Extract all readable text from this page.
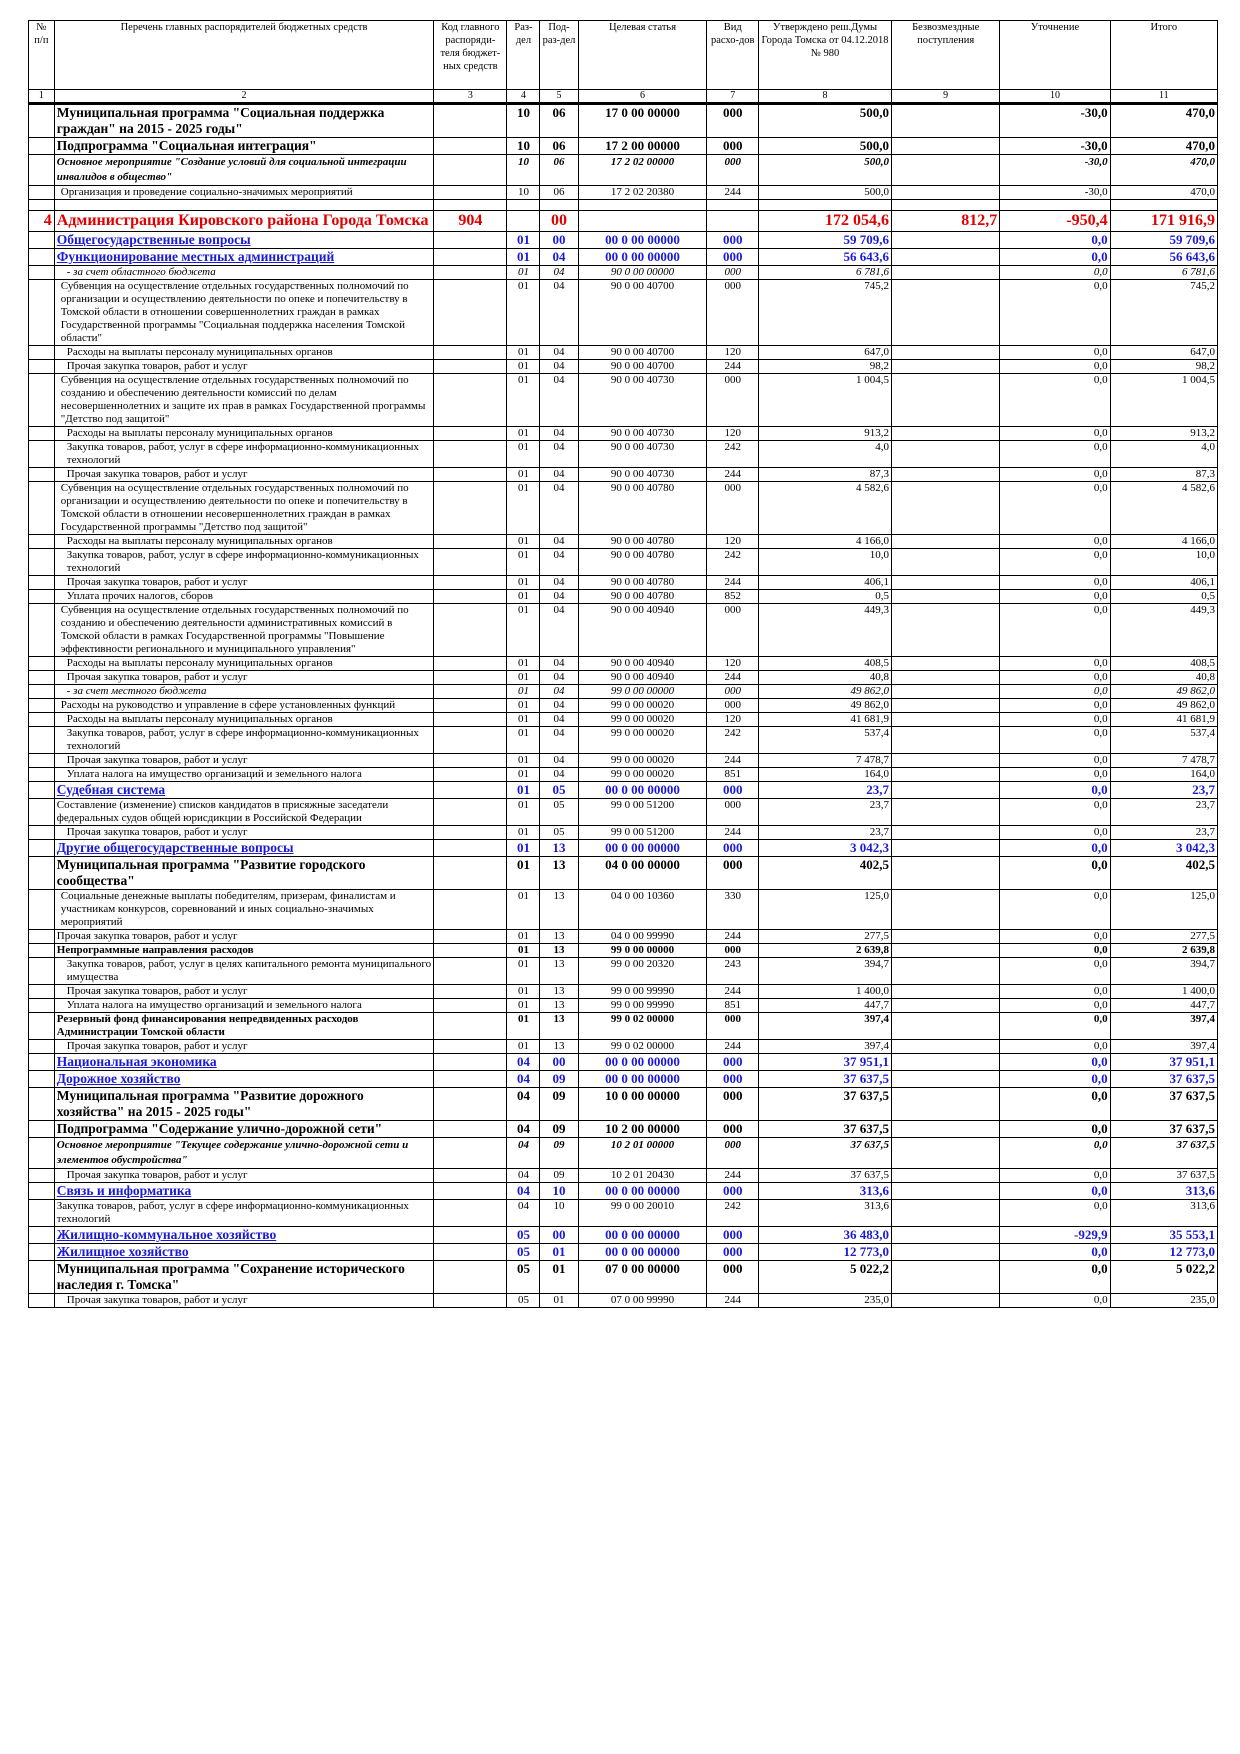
№ п/п	Перечень главных распорядителей бюджетных средств	Код главного распоряди-теля бюджет-ных средств	Раз-дел	Под-раз-дел	Целевая статья	Вид расхо-дов	Утверждено реш.Думы Города Томска от 04.12.2018 № 980	Безвозмездные поступления	Уточнение	Итого
1	2	3	4	5	6	7	8	9	10	11
	Муниципальная программа "Социальная поддержка граждан" на 2015 - 2025 годы"		10	06	17 0 00 00000	000	500,0		-30,0	470,0
	Подпрограмма "Социальная интеграция"		10	06	17 2 00 00000	000	500,0		-30,0	470,0
	Основное мероприятие "Создание условий для социальной интеграции инвалидов в общество"		10	06	17 2 02 00000	000	500,0		-30,0	470,0
	Организация и проведение социально-значимых мероприятий		10	06	17 2 02 20380	244	500,0		-30,0	470,0

4	Администрация Кировского района Города Томска	904		00			172 054,6	812,7	-950,4	171 916,9
	Общегосударственные вопросы		01	00	00 0 00 00000	000	59 709,6		0,0	59 709,6
	Функционирование местных администраций		01	04	00 0 00 00000	000	56 643,6		0,0	56 643,6
	- за счет областного бюджета		01	04	90 0 00 00000	000	6 781,6		0,0	6 781,6
	Субвенция на осуществление отдельных государственных полномочий по организации и осуществлению деятельности по опеке и попечительству в Томской области в отношении совершеннолетних граждан в рамках Государственной программы "Социальная поддержка населения Томской области"		01	04	90 0 00 40700	000	745,2		0,0	745,2
	Расходы на выплаты персоналу муниципальных органов		01	04	90 0 00 40700	120	647,0		0,0	647,0
	Прочая закупка товаров, работ и услуг		01	04	90 0 00 40700	244	98,2		0,0	98,2
	Субвенция на осуществление отдельных государственных полномочий по созданию и обеспечению деятельности комиссий по делам несовершеннолетних и защите их прав в рамках Государственной программы "Детство под защитой"		01	04	90 0 00 40730	000	1 004,5		0,0	1 004,5
	Расходы на выплаты персоналу муниципальных органов		01	04	90 0 00 40730	120	913,2		0,0	913,2
	Закупка товаров, работ, услуг в сфере информационно-коммуникационных технологий		01	04	90 0 00 40730	242	4,0		0,0	4,0
	Прочая закупка товаров, работ и услуг		01	04	90 0 00 40730	244	87,3		0,0	87,3
	Субвенция на осуществление отдельных государственных полномочий по организации и осуществлению деятельности по опеке и попечительству в Томской области в отношении несовершеннолетних граждан в рамках Государственной программы "Детство под защитой"		01	04	90 0 00 40780	000	4 582,6		0,0	4 582,6
	Расходы на выплаты персоналу муниципальных органов		01	04	90 0 00 40780	120	4 166,0		0,0	4 166,0
	Закупка товаров, работ, услуг в сфере информационно-коммуникационных технологий		01	04	90 0 00 40780	242	10,0		0,0	10,0
	Прочая закупка товаров, работ и услуг		01	04	90 0 00 40780	244	406,1		0,0	406,1
	Уплата прочих налогов, сборов		01	04	90 0 00 40780	852	0,5		0,0	0,5
	Субвенция на осуществление отдельных государственных полномочий по созданию и обеспечению деятельности административных комиссий в Томской области в рамках Государственной программы "Повышение эффективности регионального и муниципального управления"		01	04	90 0 00 40940	000	449,3		0,0	449,3
	Расходы на выплаты персоналу муниципальных органов		01	04	90 0 00 40940	120	408,5		0,0	408,5
	Прочая закупка товаров, работ и услуг		01	04	90 0 00 40940	244	40,8		0,0	40,8
	- за счет местного бюджета		01	04	99 0 00 00000	000	49 862,0		0,0	49 862,0
	Расходы на руководство и управление в сфере установленных функций		01	04	99 0 00 00020	000	49 862,0		0,0	49 862,0
	Расходы на выплаты персоналу муниципальных органов		01	04	99 0 00 00020	120	41 681,9		0,0	41 681,9
	Закупка товаров, работ, услуг в сфере информационно-коммуникационных технологий		01	04	99 0 00 00020	242	537,4		0,0	537,4
	Прочая закупка товаров, работ и услуг		01	04	99 0 00 00020	244	7 478,7		0,0	7 478,7
	Уплата налога на имущество организаций и земельного налога		01	04	99 0 00 00020	851	164,0		0,0	164,0
	Судебная система		01	05	00 0 00 00000	000	23,7		0,0	23,7
	Составление (изменение) списков кандидатов в присяжные заседатели федеральных судов общей юрисдикции в Российской Федерации		01	05	99 0 00 51200	000	23,7		0,0	23,7
	Прочая закупка товаров, работ и услуг		01	05	99 0 00 51200	244	23,7		0,0	23,7
	Другие общегосударственные вопросы		01	13	00 0 00 00000	000	3 042,3		0,0	3 042,3
	Муниципальная программа "Развитие городского сообщества"		01	13	04 0 00 00000	000	402,5		0,0	402,5
	Социальные денежные выплаты победителям, призерам, финалистам и участникам конкурсов, соревнований и иных социально-значимых мероприятий		01	13	04 0 00 10360	330	125,0		0,0	125,0
	Прочая закупка товаров, работ и услуг		01	13	04 0 00 99990	244	277,5		0,0	277,5
	Непрограммные направления расходов		01	13	99 0 00 00000	000	2 639,8		0,0	2 639,8
	Закупка товаров, работ, услуг в целях капитального ремонта муниципального имущества		01	13	99 0 00 20320	243	394,7		0,0	394,7
	Прочая закупка товаров, работ и услуг		01	13	99 0 00 99990	244	1 400,0		0,0	1 400,0
	Уплата налога на имущество организаций и земельного налога		01	13	99 0 00 99990	851	447,7		0,0	447,7
	Резервный фонд финансирования непредвиденных расходов Администрации Томской области		01	13	99 0 02 00000	000	397,4		0,0	397,4
	Прочая закупка товаров, работ и услуг		01	13	99 0 02 00000	244	397,4		0,0	397,4
	Национальная экономика		04	00	00 0 00 00000	000	37 951,1		0,0	37 951,1
	Дорожное хозяйство		04	09	00 0 00 00000	000	37 637,5		0,0	37 637,5
	Муниципальная программа "Развитие дорожного хозяйства" на 2015 - 2025 годы"		04	09	10 0 00 00000	000	37 637,5		0,0	37 637,5
	Подпрограмма "Содержание улично-дорожной сети"		04	09	10 2 00 00000	000	37 637,5		0,0	37 637,5
	Основное мероприятие "Текущее содержание улично-дорожной сети и элементов обустройства"		04	09	10 2 01 00000	000	37 637,5		0,0	37 637,5
	Прочая закупка товаров, работ и услуг		04	09	10 2 01 20430	244	37 637,5		0,0	37 637,5
	Связь и информатика		04	10	00 0 00 00000	000	313,6		0,0	313,6
	Закупка товаров, работ, услуг в сфере информационно-коммуникационных технологий		04	10	99 0 00 20010	242	313,6		0,0	313,6
	Жилищно-коммунальное хозяйство		05	00	00 0 00 00000	000	36 483,0		-929,9	35 553,1
	Жилищное хозяйство		05	01	00 0 00 00000	000	12 773,0		0,0	12 773,0
	Муниципальная программа "Сохранение исторического наследия г. Томска"		05	01	07 0 00 00000	000	5 022,2		0,0	5 022,2
	Прочая закупка товаров, работ и услуг		05	01	07 0 00 99990	244	235,0		0,0	235,0
